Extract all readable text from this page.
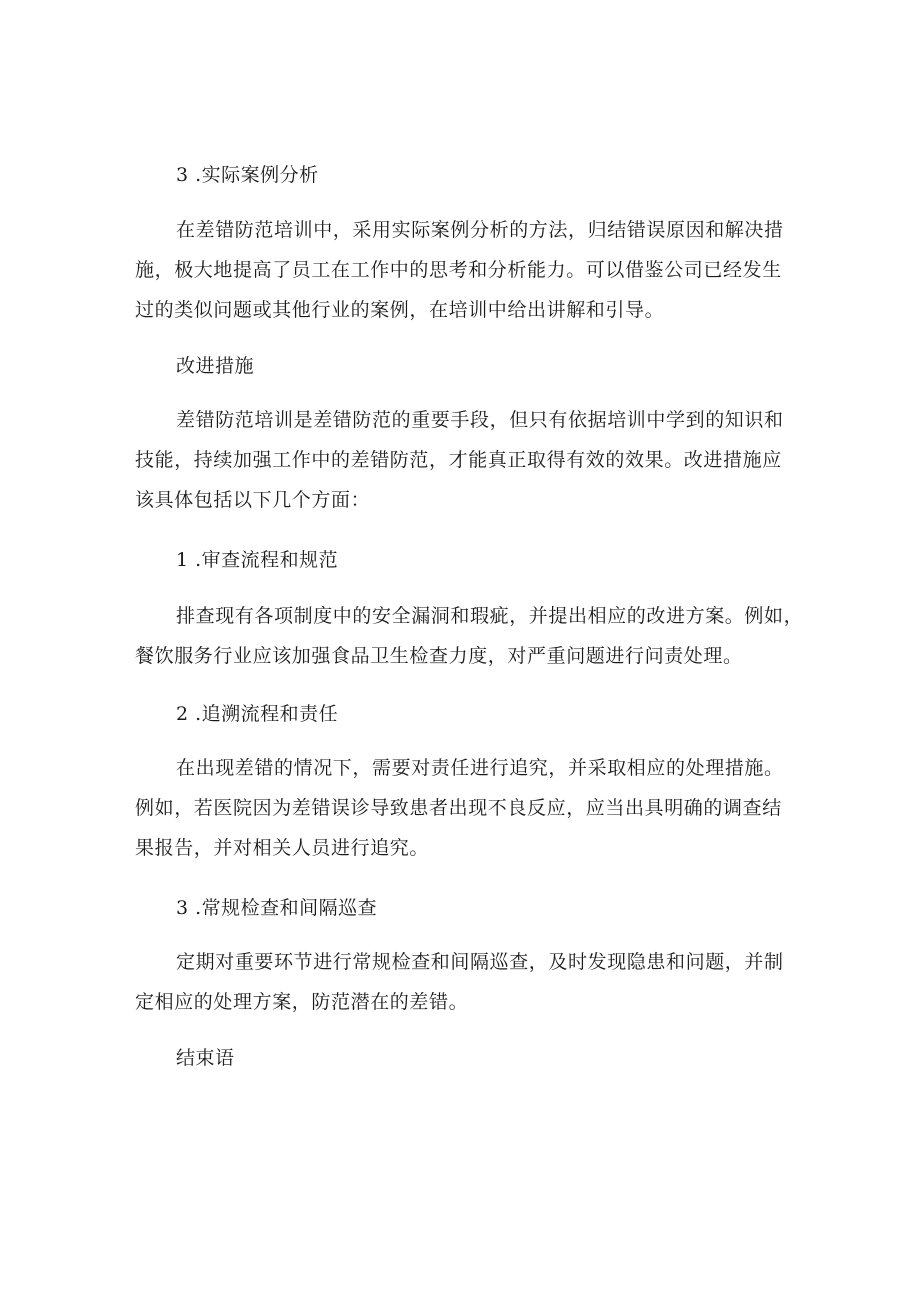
3 .实际案例分析
在差错防范培训中，采用实际案例分析的方法，归结错误原因和解决措
施，极大地提高了员工在工作中的思考和分析能力。可以借鉴公司已经发生
过的类似问题或其他行业的案例，在培训中给出讲解和引导。
改进措施
差错防范培训是差错防范的重要手段，但只有依据培训中学到的知识和
技能，持续加强工作中的差错防范，才能真正取得有效的效果。改进措施应
该具体包括以下几个方面：
1 .审查流程和规范
排查现有各项制度中的安全漏洞和瑕疵，并提出相应的改进方案。例如，
餐饮服务行业应该加强食品卫生检查力度，对严重问题进行问责处理。
2 .追溯流程和责任
在出现差错的情况下，需要对责任进行追究，并采取相应的处理措施。
例如，若医院因为差错误诊导致患者出现不良反应，应当出具明确的调查结
果报告，并对相关人员进行追究。
3 .常规检查和间隔巡查
定期对重要环节进行常规检查和间隔巡查，及时发现隐患和问题，并制
定相应的处理方案，防范潜在的差错。
结束语
